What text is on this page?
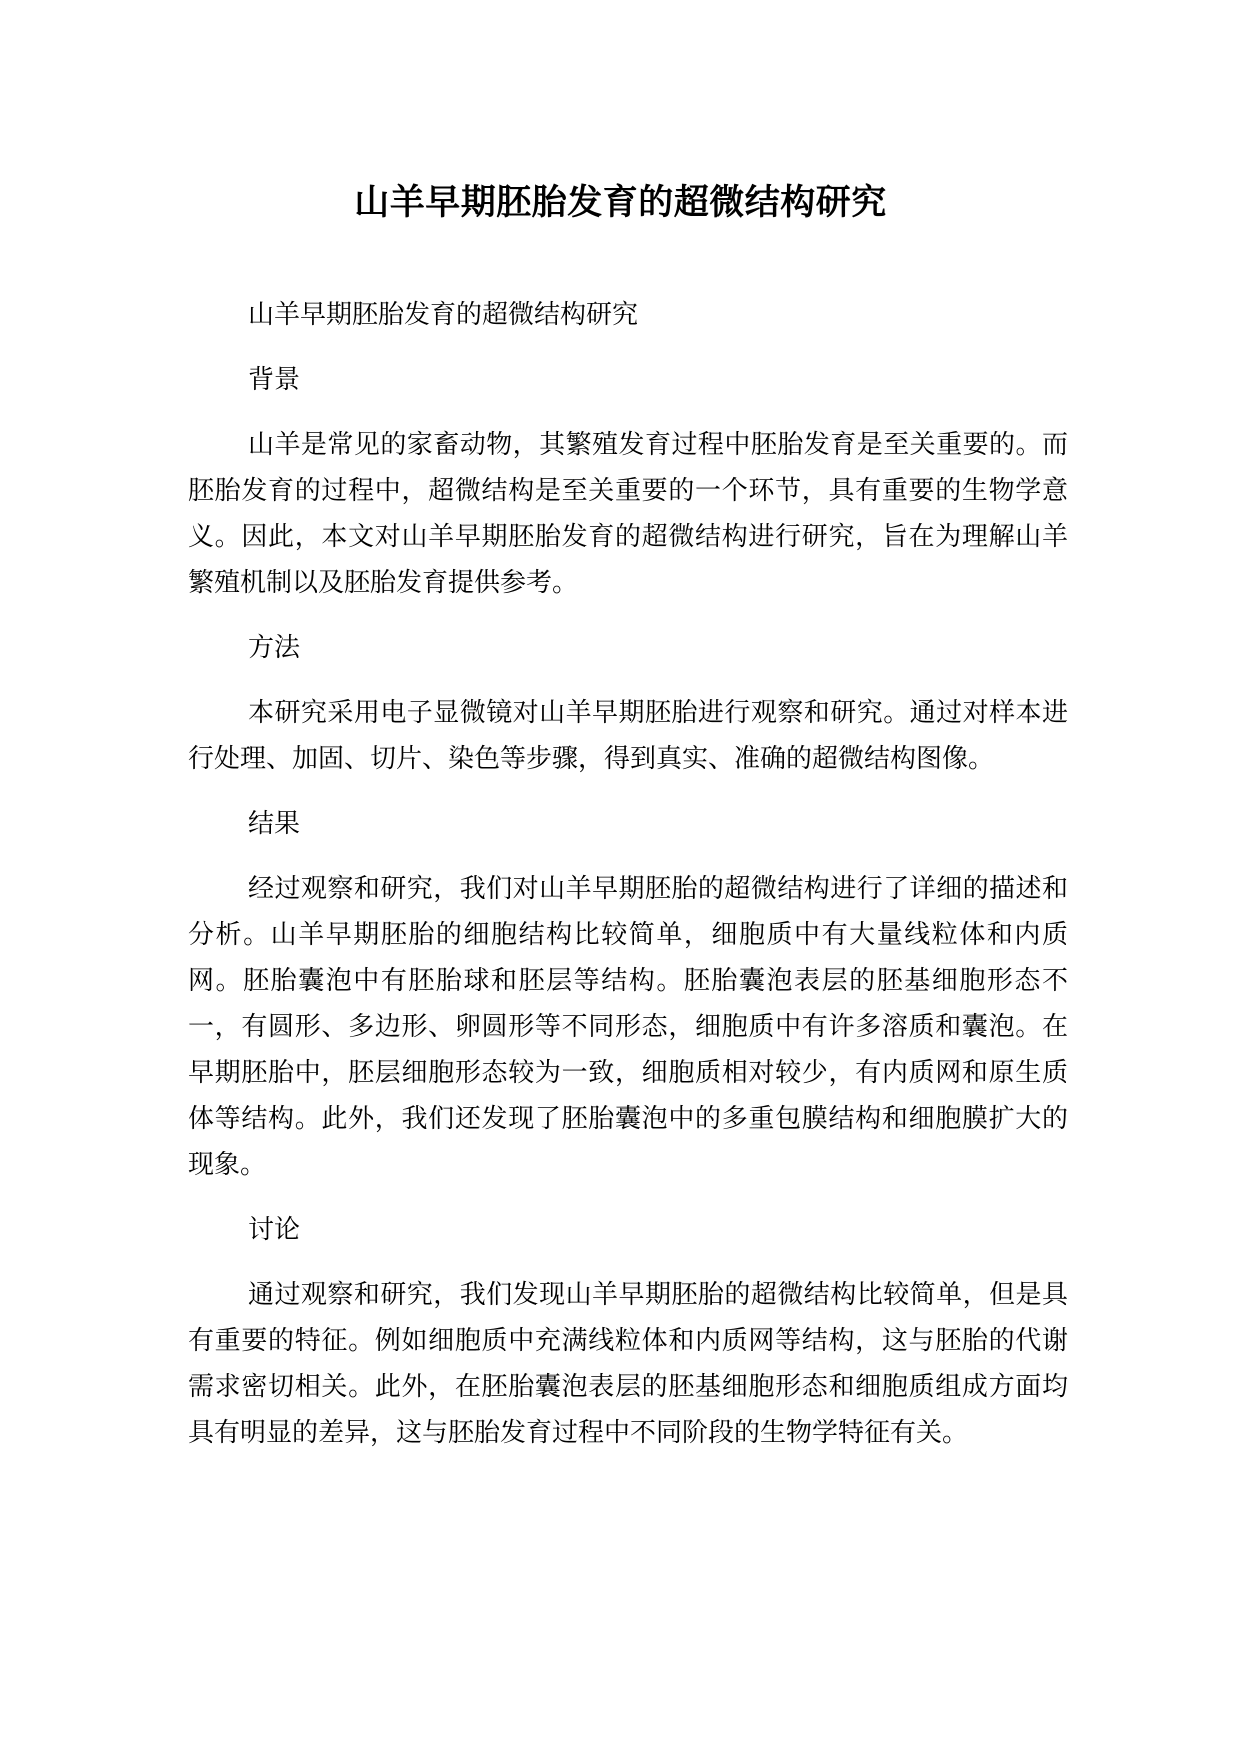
山羊早期胚胎发育的超微结构研究

山羊早期胚胎发育的超微结构研究

背景

山羊是常见的家畜动物，其繁殖发育过程中胚胎发育是至关重要的。而胚胎发育的过程中，超微结构是至关重要的一个环节，具有重要的生物学意义。因此，本文对山羊早期胚胎发育的超微结构进行研究，旨在为理解山羊繁殖机制以及胚胎发育提供参考。

方法

本研究采用电子显微镜对山羊早期胚胎进行观察和研究。通过对样本进行处理、加固、切片、染色等步骤，得到真实、准确的超微结构图像。

结果

经过观察和研究，我们对山羊早期胚胎的超微结构进行了详细的描述和分析。山羊早期胚胎的细胞结构比较简单，细胞质中有大量线粒体和内质网。胚胎囊泡中有胚胎球和胚层等结构。胚胎囊泡表层的胚基细胞形态不一，有圆形、多边形、卵圆形等不同形态，细胞质中有许多溶质和囊泡。在早期胚胎中，胚层细胞形态较为一致，细胞质相对较少，有内质网和原生质体等结构。此外，我们还发现了胚胎囊泡中的多重包膜结构和细胞膜扩大的现象。

讨论

通过观察和研究，我们发现山羊早期胚胎的超微结构比较简单，但是具有重要的特征。例如细胞质中充满线粒体和内质网等结构，这与胚胎的代谢需求密切相关。此外，在胚胎囊泡表层的胚基细胞形态和细胞质组成方面均具有明显的差异，这与胚胎发育过程中不同阶段的生物学特征有关。
